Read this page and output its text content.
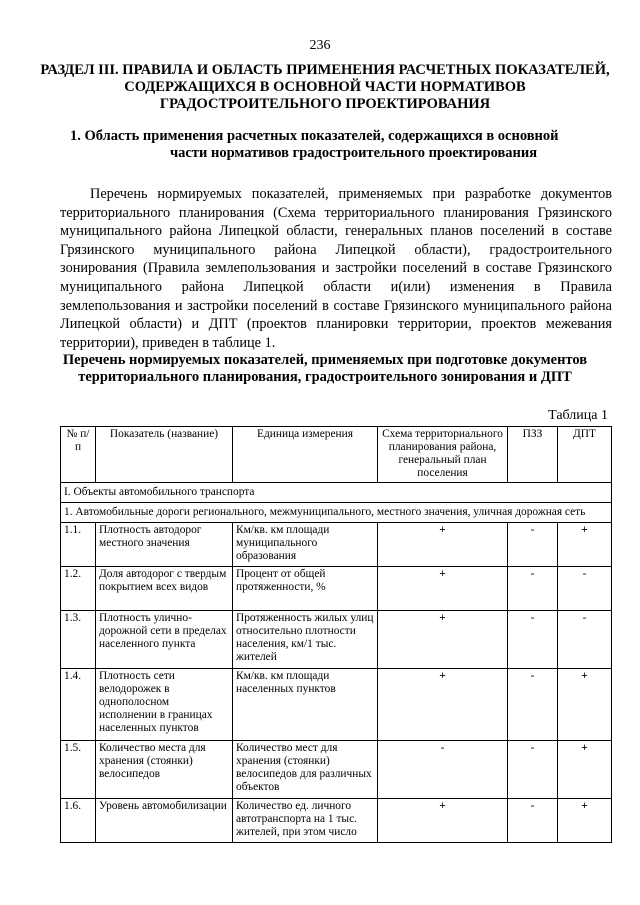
236
РАЗДЕЛ III. ПРАВИЛА И ОБЛАСТЬ ПРИМЕНЕНИЯ РАСЧЕТНЫХ ПОКАЗАТЕЛЕЙ, СОДЕРЖАЩИХСЯ В ОСНОВНОЙ ЧАСТИ НОРМАТИВОВ ГРАДОСТРОИТЕЛЬНОГО ПРОЕКТИРОВАНИЯ
1. Область применения расчетных показателей, содержащихся в основной
части нормативов градостроительного проектирования

Перечень нормируемых показателей, применяемых при разработке документов территориального планирования (Схема территориального планирования Грязинского муниципального района Липецкой области, генеральных планов поселений в составе Грязинского муниципального района Липецкой области), градостроительного зонирования (Правила землепользования и застройки поселений в составе Грязинского муниципального района Липецкой области и(или) изменения в Правила землепользования и застройки поселений в составе Грязинского муниципального района Липецкой области) и ДПТ (проектов планировки территории, проектов межевания территории), приведен в таблице 1.

Перечень нормируемых показателей, применяемых при подготовке документов территориального планирования, градостроительного зонирования и ДПТ
Таблица 1
№ п/п	Показатель (название)	Единица измерения	Схема территориального планирования района, генеральный план поселения	ПЗЗ	ДПТ
I. Объекты автомобильного транспорта					
1. Автомобильные дороги регионального, межмуниципального, местного значения, уличная дорожная сеть					
1.1.	Плотность автодорог местного значения	Км/кв. км площади муниципального образования	+	-	+
1.2.	Доля автодорог с твердым покрытием всех видов	Процент от общей протяженности, %	+	-	-
1.3.	Плотность улично-дорожной сети в пределах населенного пункта	Протяженность жилых улиц относительно плотности населения, км/1 тыс. жителей	+	-	-
1.4.	Плотность сети велодорожек в однополосном исполнении в границах населенных пунктов	Км/кв. км площади населенных пунктов	+	-	+
1.5.	Количество места для хранения (стоянки) велосипедов	Количество мест для хранения (стоянки) велосипедов для различных объектов	-	-	+
1.6.	Уровень автомобилизации	Количество ед. личного автотранспорта на 1 тыс. жителей, при этом число	+	-	+
